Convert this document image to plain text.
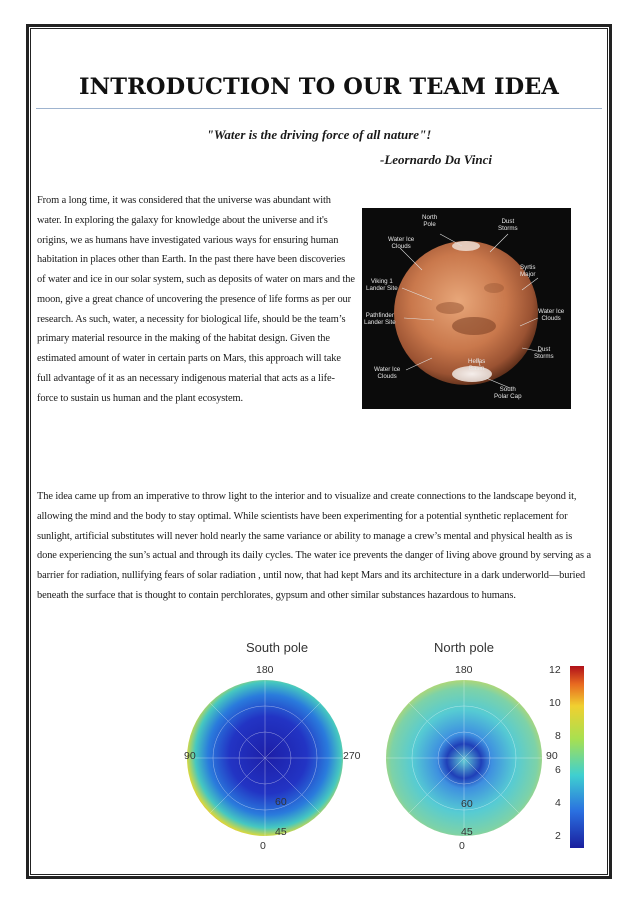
INTRODUCTION TO OUR TEAM IDEA

"Water is the driving force of all nature"!

-Leornardo Da Vinci

From a long time, it was considered that the universe was abundant with water. In exploring the galaxy for knowledge about the universe and it's origins, we as humans have investigated various ways for ensuring human habitation in places other than Earth. In the past there have been discoveries of water and ice in our solar system, such as deposits of water on mars and the moon, give a great chance of uncovering the presence of life forms as per our research. As such, water, a necessity for biological life, should be the team’s primary material resource in the making of the habitat design. Given the estimated amount of water in certain parts on Mars, this approach will take full advantage of it as an necessary indigenous material that acts as a life-force to sustain us human and the plant ecosystem.

North
Pole	Dust
Storms
Water Ice
Clouds
Viking 1
Lander Site
Syrtis
Major
Pathfinder
Lander Site
Water Ice
Clouds
Dust
Storms
Water Ice
Clouds
Hellas
Basin
South
Polar Cap

The idea came up from an imperative to throw light to the interior and to visualize and create connections to the landscape beyond it, allowing the mind and the body to stay optimal. While scientists have been experimenting for a potential synthetic replacement for sunlight, artificial substitutes will never hold nearly the same variance or ability to manage a crew’s mental and physical health as is done experiencing the sun’s actual and through its daily cycles. The water ice prevents the danger of living above ground by serving as a barrier for radiation, nullifying fears of solar radiation , until now, that had kept Mars and its architecture in a dark underworld—buried beneath the surface that is thought to contain perchlorates, gypsum and other similar substances hazardous to humans.

South pole	North pole
180
90	270
60
45
0
180
90
60
45
0
12
10
8
6
4
2
